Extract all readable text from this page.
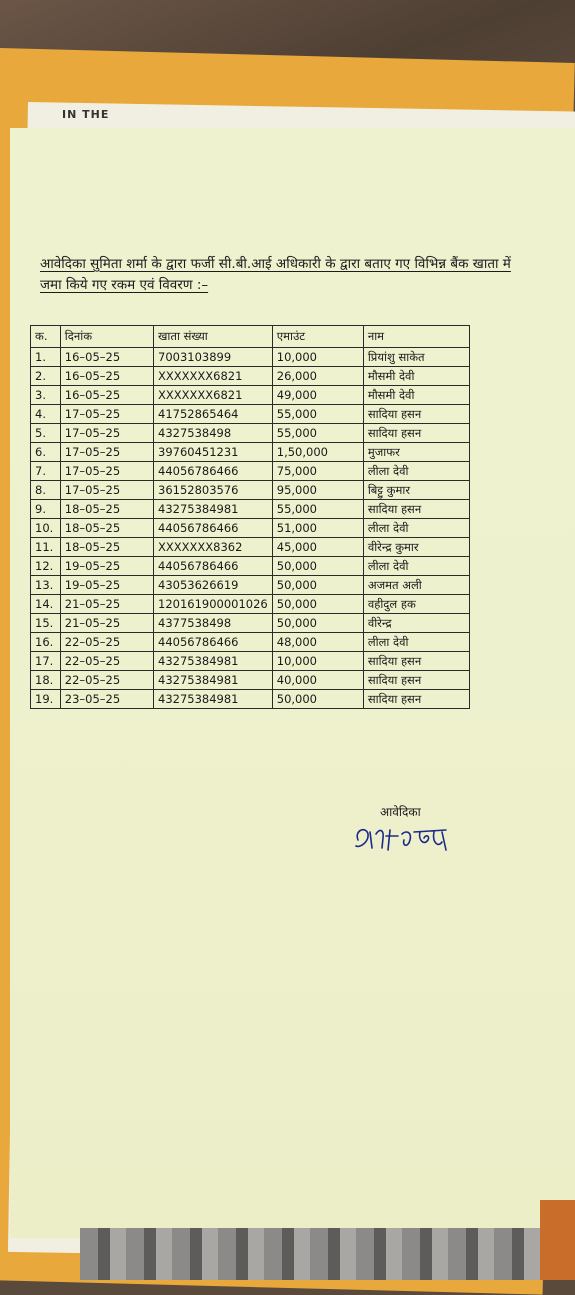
IN THE
आवेदिका सुमिता शर्मा के द्वारा फर्जी सी.बी.आई अधिकारी के द्वारा बताए गए विभिन्न बैंक खाता में जमा किये गए रकम एवं विवरण :–
क.	दिनांक	खाता संख्या	एमाउंट	नाम
1.	16–05–25	7003103899	10,000	प्रियांशु साकेत
2.	16–05–25	XXXXXXX6821	26,000	मौसमी देवी
3.	16–05–25	XXXXXXX6821	49,000	मौसमी देवी
4.	17–05–25	41752865464	55,000	सादिया हसन
5.	17–05–25	4327538498	55,000	सादिया हसन
6.	17–05–25	39760451231	1,50,000	मुजाफर
7.	17–05–25	44056786466	75,000	लीला देवी
8.	17–05–25	36152803576	95,000	बिट्टु कुमार
9.	18–05–25	43275384981	55,000	सादिया हसन
10.	18–05–25	44056786466	51,000	लीला देवी
11.	18–05–25	XXXXXXX8362	45,000	वीरेन्द्र कुमार
12.	19–05–25	44056786466	50,000	लीला देवी
13.	19–05–25	43053626619	50,000	अजमत अली
14.	21–05–25	120161900001026	50,000	वहीदुल हक
15.	21–05–25	4377538498	50,000	वीरेन्द्र
16.	22–05–25	44056786466	48,000	लीला देवी
17.	22–05–25	43275384981	10,000	सादिया हसन
18.	22–05–25	43275384981	40,000	सादिया हसन
19.	23–05–25	43275384981	50,000	सादिया हसन
आवेदिका
